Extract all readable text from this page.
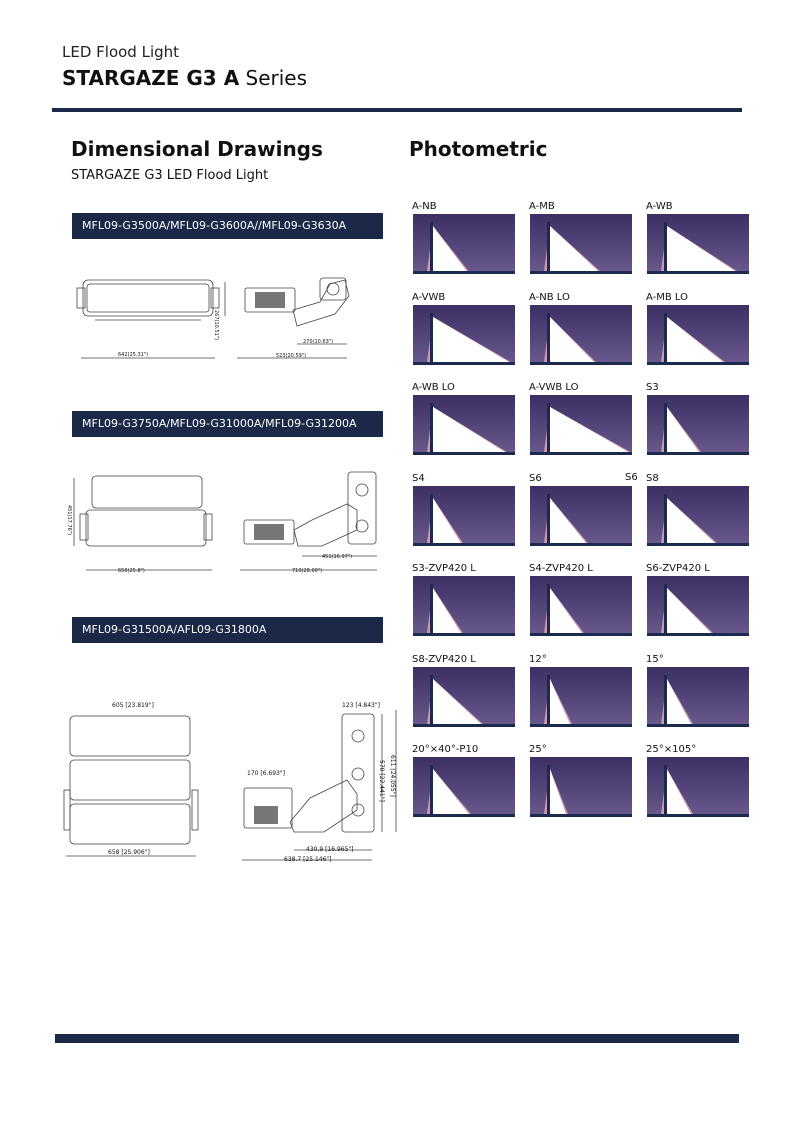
LED Flood Light
STARGAZE G3 A Series
Dimensional Drawings
STARGAZE G3 LED Flood Light
Photometric
MFL09-G3500A/MFL09-G3600A//MFL09-G3630A
642(25.31")
267(10.51")
270(10.63")
523(20.59")
MFL09-G3750A/MFL09-G31000A/MFL09-G31200A
656(25.8")
451(17.76")
451(16.97")
710(28.00")
MFL09-G31500A/AFL09-G31800A
605 [23.819"]
658 [25.906"]
123 [4.843"]
170 [6.693"]	570 [22.441"] 611 [24.055"]
430.9 [16.965"]
638.7 [25.146"]
A-NB	A-MB	A-WB
A-VWB	A-NB LO	A-MB LO
A-WB LO	A-VWB LO	S3
S4	S6	S8
S3-ZVP420 L	S4-ZVP420 L	S6-ZVP420 L
S8-ZVP420 L	12°	15°
20°×40°-P10	25°	25°×105°
S6
